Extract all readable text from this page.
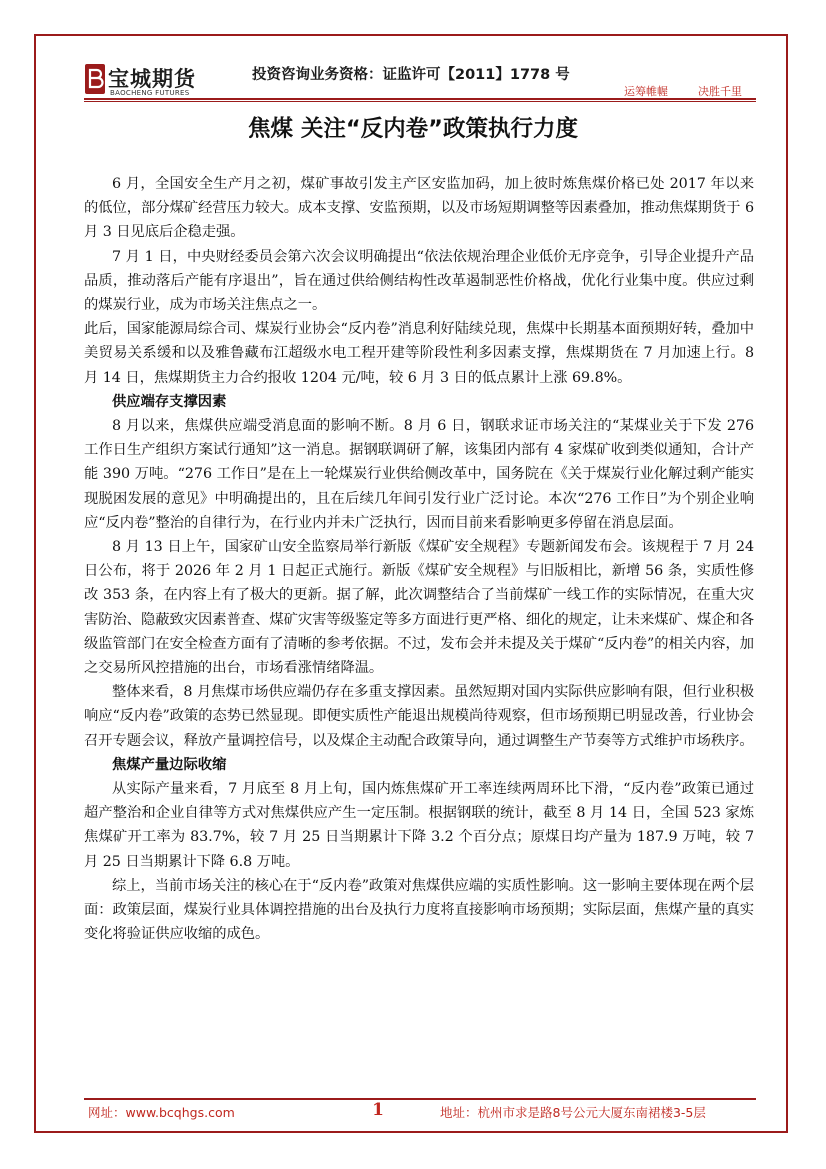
宝城期货
BAOCHENG FUTURES
投资咨询业务资格：证监许可【2011】1778 号
运筹帷幄	决胜千里
焦煤 关注“反内卷”政策执行力度

6 月，全国安全生产月之初，煤矿事故引发主产区安监加码，加上彼时炼焦煤价格已处 2017 年以来的低位，部分煤矿经营压力较大。成本支撑、安监预期，以及市场短期调整等因素叠加，推动焦煤期货于 6 月 3 日见底后企稳走强。

7 月 1 日，中央财经委员会第六次会议明确提出“依法依规治理企业低价无序竞争，引导企业提升产品品质，推动落后产能有序退出”，旨在通过供给侧结构性改革遏制恶性价格战，优化行业集中度。供应过剩的煤炭行业，成为市场关注焦点之一。

此后，国家能源局综合司、煤炭行业协会“反内卷”消息利好陆续兑现，焦煤中长期基本面预期好转，叠加中美贸易关系缓和以及雅鲁藏布江超级水电工程开建等阶段性利多因素支撑，焦煤期货在 7 月加速上行。8 月 14 日，焦煤期货主力合约报收 1204 元/吨，较 6 月 3 日的低点累计上涨 69.8%。

供应端存支撑因素

8 月以来，焦煤供应端受消息面的影响不断。8 月 6 日，钢联求证市场关注的“某煤业关于下发 276 工作日生产组织方案试行通知”这一消息。据钢联调研了解，该集团内部有 4 家煤矿收到类似通知，合计产能 390 万吨。“276 工作日”是在上一轮煤炭行业供给侧改革中，国务院在《关于煤炭行业化解过剩产能实现脱困发展的意见》中明确提出的，且在后续几年间引发行业广泛讨论。本次“276 工作日”为个别企业响应“反内卷”整治的自律行为，在行业内并未广泛执行，因而目前来看影响更多停留在消息层面。

8 月 13 日上午，国家矿山安全监察局举行新版《煤矿安全规程》专题新闻发布会。该规程于 7 月 24 日公布，将于 2026 年 2 月 1 日起正式施行。新版《煤矿安全规程》与旧版相比，新增 56 条，实质性修改 353 条，在内容上有了极大的更新。据了解，此次调整结合了当前煤矿一线工作的实际情况，在重大灾害防治、隐蔽致灾因素普查、煤矿灾害等级鉴定等多方面进行更严格、细化的规定，让未来煤矿、煤企和各级监管部门在安全检查方面有了清晰的参考依据。不过，发布会并未提及关于煤矿“反内卷”的相关内容，加之交易所风控措施的出台，市场看涨情绪降温。

整体来看，8 月焦煤市场供应端仍存在多重支撑因素。虽然短期对国内实际供应影响有限，但行业积极响应“反内卷”政策的态势已然显现。即便实质性产能退出规模尚待观察，但市场预期已明显改善，行业协会召开专题会议，释放产量调控信号，以及煤企主动配合政策导向，通过调整生产节奏等方式维护市场秩序。

焦煤产量边际收缩

从实际产量来看，7 月底至 8 月上旬，国内炼焦煤矿开工率连续两周环比下滑，“反内卷”政策已通过超产整治和企业自律等方式对焦煤供应产生一定压制。根据钢联的统计，截至 8 月 14 日，全国 523 家炼焦煤矿开工率为 83.7%，较 7 月 25 日当期累计下降 3.2 个百分点；原煤日均产量为 187.9 万吨，较 7 月 25 日当期累计下降 6.8 万吨。

综上，当前市场关注的核心在于“反内卷”政策对焦煤供应端的实质性影响。这一影响主要体现在两个层面：政策层面，煤炭行业具体调控措施的出台及执行力度将直接影响市场预期；实际层面，焦煤产量的真实变化将验证供应收缩的成色。

网址：www.bcqhgs.com	1	地址：杭州市求是路8号公元大厦东南裙楼3-5层
